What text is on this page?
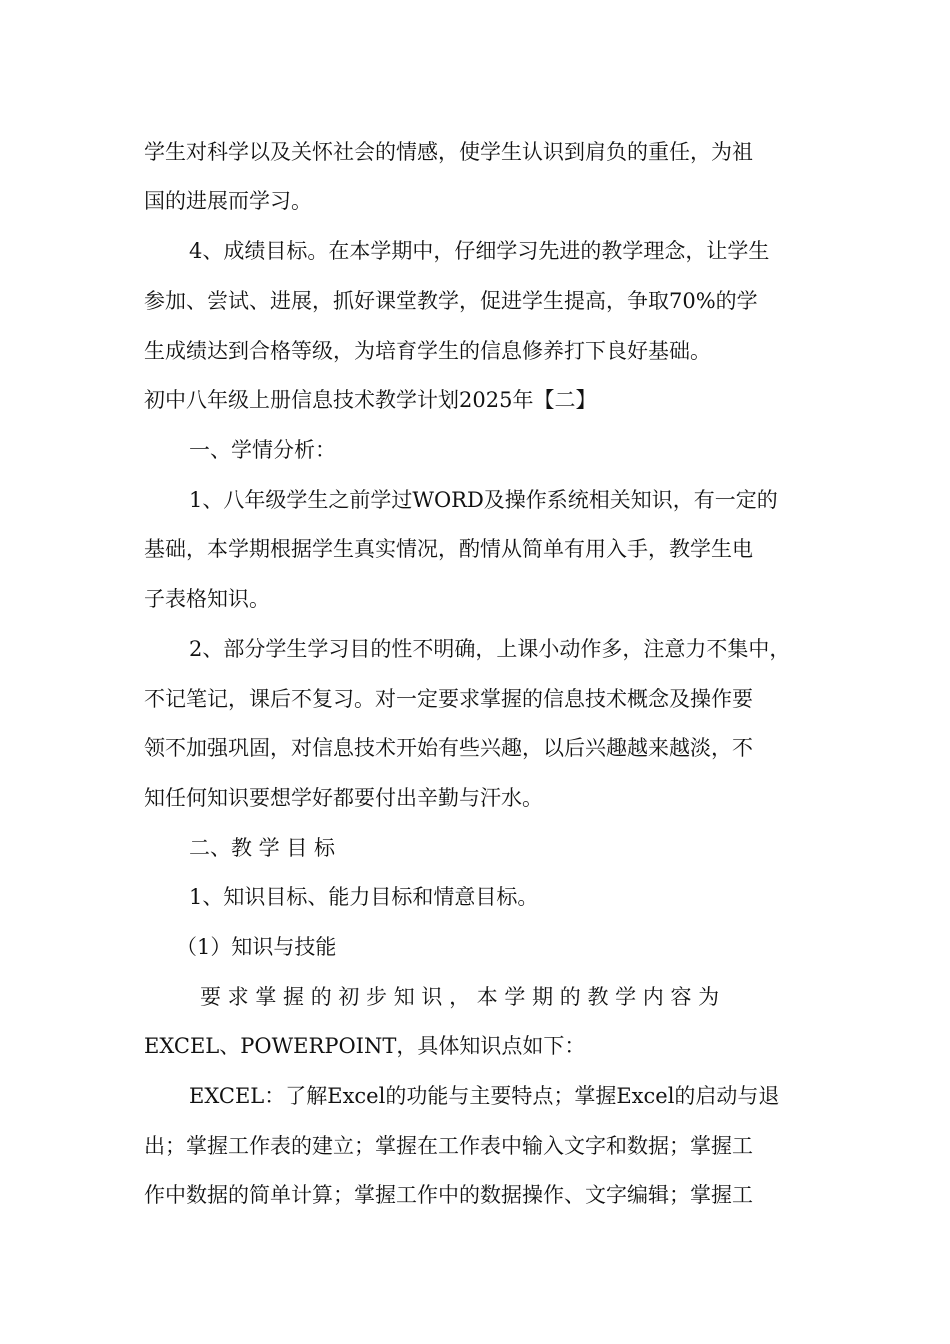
学生对科学以及关怀社会的情感，使学生认识到肩负的重任，为祖
国的进展而学习。
4、成绩目标。在本学期中，仔细学习先进的教学理念，让学生
参加、尝试、进展，抓好课堂教学，促进学生提高，争取70%的学
生成绩达到合格等级，为培育学生的信息修养打下良好基础。
初中八年级上册信息技术教学计划2025年【二】
一、学情分析：
1、八年级学生之前学过WORD及操作系统相关知识，有一定的
基础，本学期根据学生真实情况，酌情从简单有用入手，教学生电
子表格知识。
2、部分学生学习目的性不明确，上课小动作多，注意力不集中，
不记笔记，课后不复习。对一定要求掌握的信息技术概念及操作要
领不加强巩固，对信息技术开始有些兴趣，以后兴趣越来越淡，不
知任何知识要想学好都要付出辛勤与汗水。
二、教 学 目 标
1、知识目标、能力目标和情意目标。
（1）知识与技能
要 求 掌 握 的 初 步 知 识 ， 本 学 期 的 教 学 内 容 为
EXCEL、POWERPOINT，具体知识点如下：
EXCEL：了解Excel的功能与主要特点；掌握Excel的启动与退
出；掌握工作表的建立；掌握在工作表中输入文字和数据；掌握工
作中数据的简单计算；掌握工作中的数据操作、文字编辑；掌握工
